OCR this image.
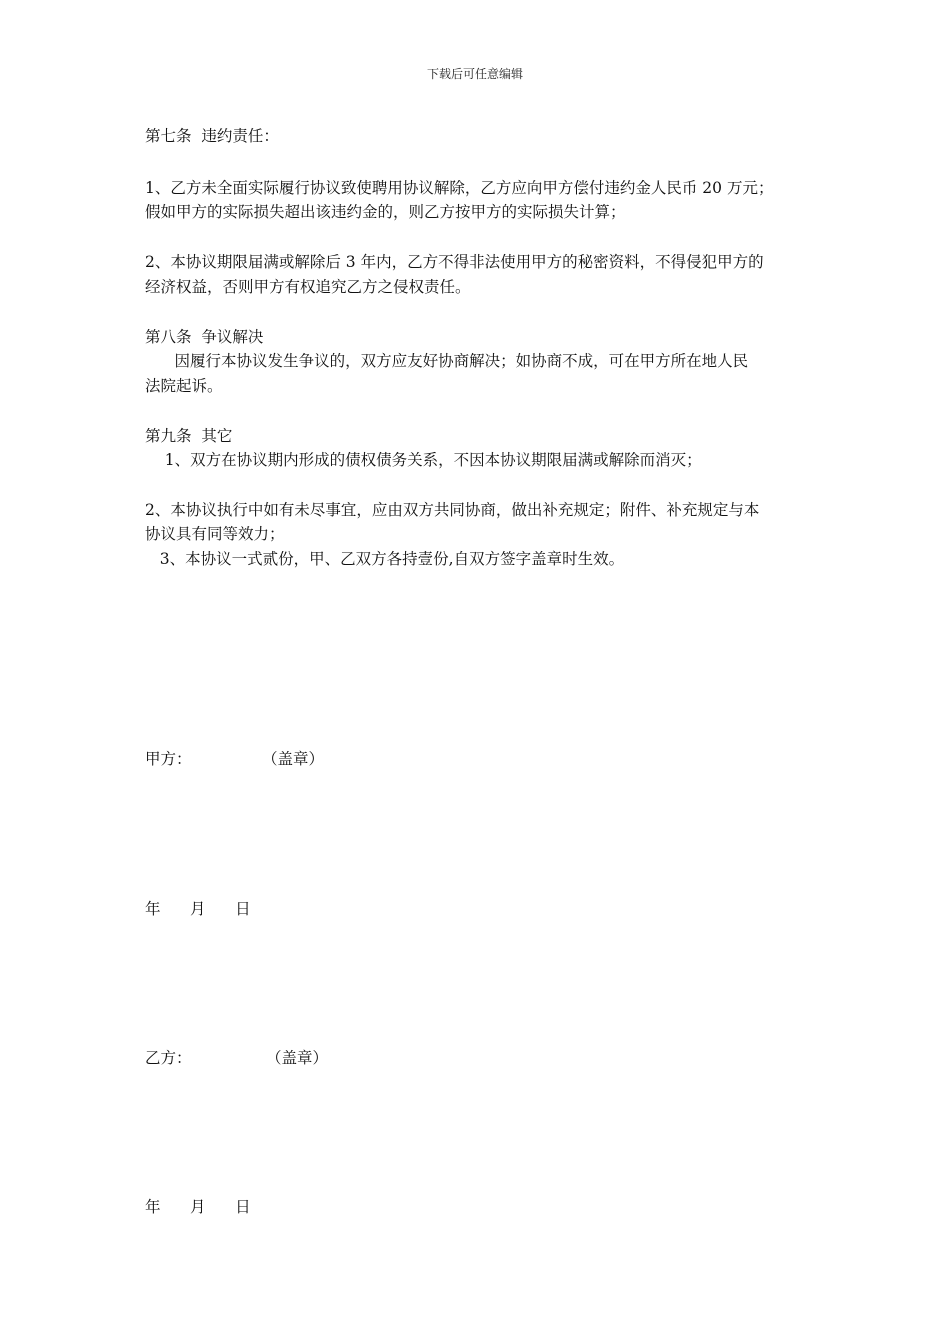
下载后可任意编辑
第七条  违约责任：
1、乙方未全面实际履行协议致使聘用协议解除，乙方应向甲方偿付违约金人民币 20 万元；
假如甲方的实际损失超出该违约金的，则乙方按甲方的实际损失计算；
2、本协议期限届满或解除后 3 年内，乙方不得非法使用甲方的秘密资料，不得侵犯甲方的
经济权益，否则甲方有权追究乙方之侵权责任。
第八条  争议解决
因履行本协议发生争议的，双方应友好协商解决；如协商不成，可在甲方所在地人民
法院起诉。
第九条  其它
1、双方在协议期内形成的债权债务关系，不因本协议期限届满或解除而消灭；
2、本协议执行中如有未尽事宜，应由双方共同协商，做出补充规定；附件、补充规定与本
协议具有同等效力；
3、本协议一式贰份，甲、乙双方各持壹份,自双方签字盖章时生效。
甲方：	（盖章）
年      月      日
乙方：	（盖章）
年      月      日
